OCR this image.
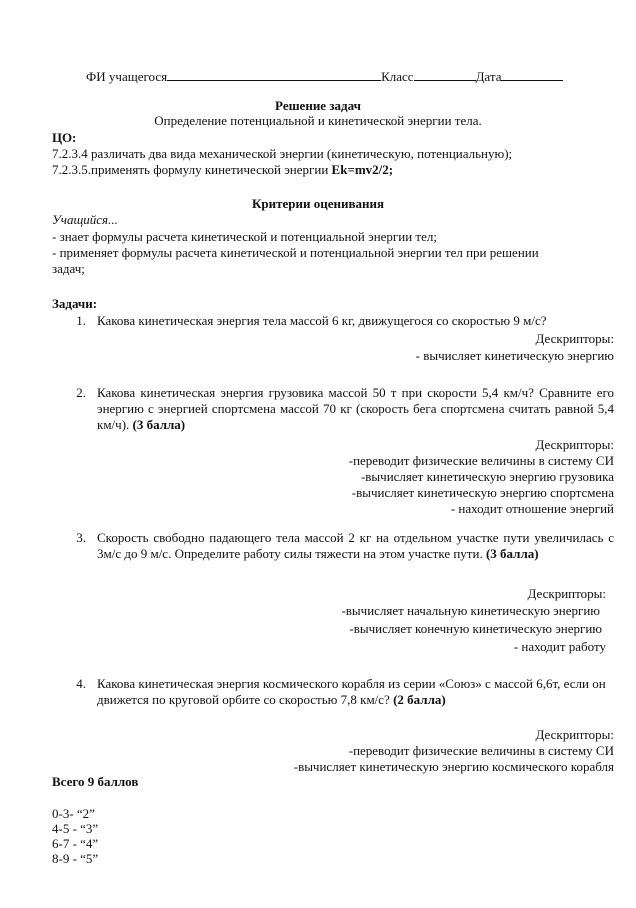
ФИ учащегося	Класс	Дата
Решение задач
Определение потенциальной и кинетической энергии тела.
ЦО:
7.2.3.4 различать два вида механической энергии (кинетическую, потенциальную);
7.2.3.5.применять формулу кинетической энергии Ek=mv2/2;
Критерии оценивания
Учащийся...
- знает формулы расчета кинетической и потенциальной энергии тел;
- применяет формулы расчета кинетической и потенциальной энергии тел при решении
задач;
Задачи:
1. Какова кинетическая энергия тела массой 6 кг, движущегося со скоростью 9 м/с?
Дескрипторы:
- вычисляет кинетическую энергию
2. Какова кинетическая энергия грузовика массой 50 т при скорости 5,4 км/ч? Сравните его энергию с энергией спортсмена массой 70 кг (скорость бега спортсмена считать равной 5,4 км/ч). (3 балла)
Дескрипторы:
-переводит физические величины в систему СИ
-вычисляет кинетическую энергию грузовика
-вычисляет кинетическую энергию спортсмена
- находит отношение энергий
3. Скорость свободно падающего тела массой 2 кг на отдельном участке пути увеличилась с 3м/с до 9 м/с. Определите работу силы тяжести на этом участке пути. (3 балла)
Дескрипторы:
-вычисляет начальную кинетическую энергию
-вычисляет конечную кинетическую энергию
- находит работу
4. Какова кинетическая энергия космического корабля из серии «Союз» с массой 6,6т, если он движется по круговой орбите со скоростью 7,8 км/с? (2 балла)
Дескрипторы:
-переводит физические величины в систему СИ
-вычисляет кинетическую энергию космического корабля
Всего 9 баллов
0-3- “2”
4-5 - “3”
6-7 - “4”
8-9 - “5”
